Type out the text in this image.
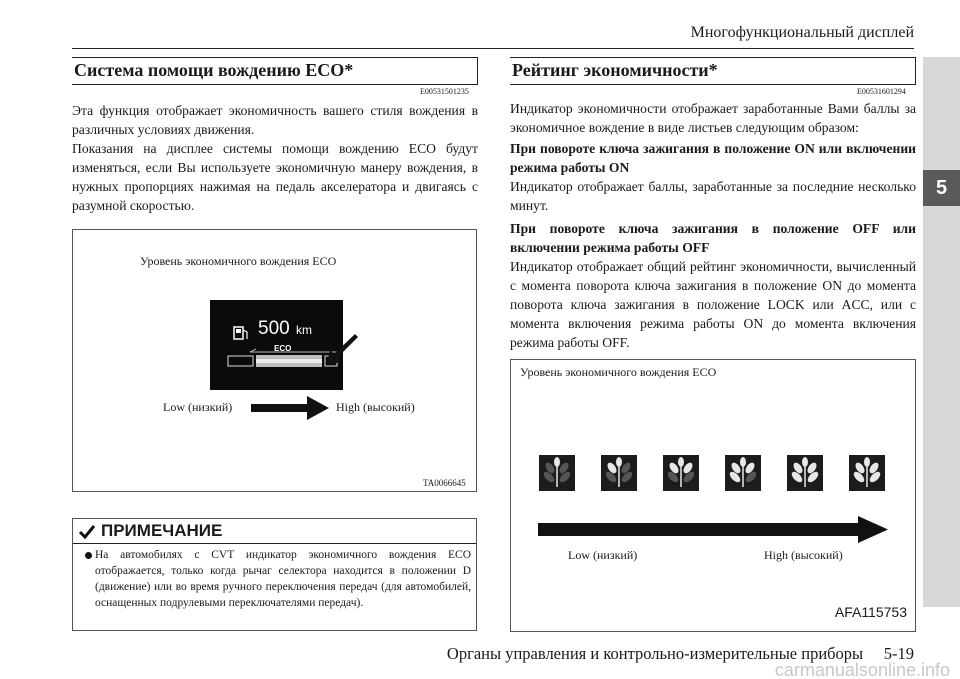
Многофункциональный дисплей
5
Система помощи вождению ECO*
E00531501235
Эта функция отображает экономичность вашего стиля вождения в различных условиях движения.
Показания на дисплее системы помощи вождению ECO будут изменяться, если Вы используете экономичную манеру вождения, в нужных пропорциях нажимая на педаль акселератора и двигаясь с разумной скоростью.
Уровень экономичного вождения ECO
500 km
ECO
Low (низкий)	High (высокий)
TA0066645
ПРИМЕЧАНИЕ
На автомобилях с CVT индикатор экономичного вождения ECO отображается, только когда рычаг селектора находится в положении D (движение) или во время ручного переключения передач (для автомобилей, оснащенных подрулевыми переключателями передач).
Рейтинг экономичности*
E00531601294
Индикатор экономичности отображает заработанные Вами баллы за экономичное вождение в виде листьев следующим образом:
При повороте ключа зажигания в положение ON или включении режима работы ON
Индикатор отображает баллы, заработанные за последние несколько минут.
При повороте ключа зажигания в положение OFF или включении режима работы OFF
Индикатор отображает общий рейтинг экономичности, вычисленный с момента поворота ключа зажигания в положение ON до момента поворота ключа зажигания в положение LOCK или ACC, или с момента включения режима работы ON до момента включения режима работы OFF.
Уровень экономичного вождения ECO
Low (низкий)	High (высокий)
AFA115753
Органы управления и контрольно-измерительные приборы     5-19
carmanualsonline.info
